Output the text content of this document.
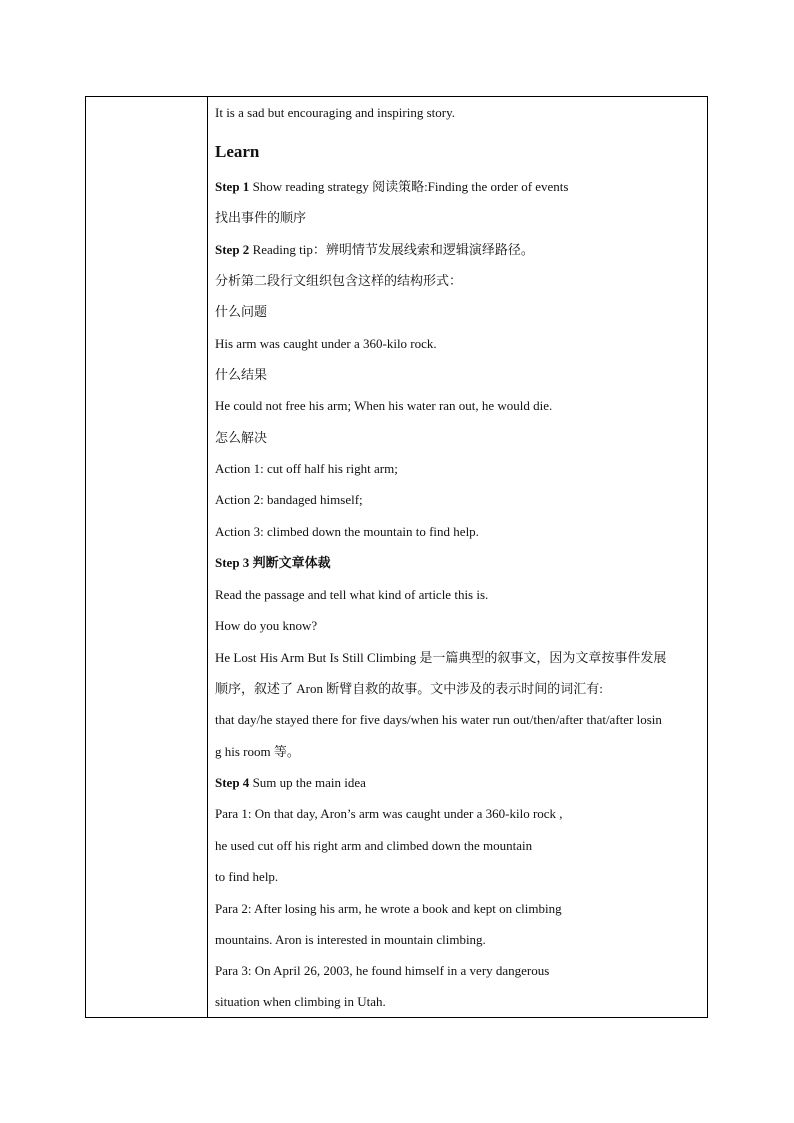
It is a sad but encouraging and inspiring story.
Learn
Step 1 Show reading strategy 阅读策略:Finding the order of events
找出事件的顺序
Step 2 Reading tip：辨明情节发展线索和逻辑演绎路径。
分析第二段行文组织包含这样的结构形式：
什么问题
His arm was caught under a 360-kilo rock.
什么结果
He could not free his arm; When his water ran out, he would die.
怎么解决
Action 1: cut off half his right arm;
Action 2: bandaged himself;
Action 3: climbed down the mountain to find help.
Step 3 判断文章体裁
Read the passage and tell what kind of article this is.
How do you know?
He Lost His Arm But Is Still Climbing 是一篇典型的叙事文，因为文章按事件发展
顺序，叙述了 Aron 断臂自救的故事。文中涉及的表示时间的词汇有:
that day/he stayed there for five days/when his water run out/then/after that/after losin
g his room 等。
Step 4 Sum up the main idea
Para 1: On that day, Aron’s arm was caught under a 360-kilo rock ,
he used cut off his right arm and climbed down the mountain
to find help.
Para 2: After losing his arm, he wrote a book and kept on climbing
mountains. Aron is interested in mountain climbing.
Para 3: On April 26, 2003, he found himself in a very dangerous
situation when climbing in Utah.
